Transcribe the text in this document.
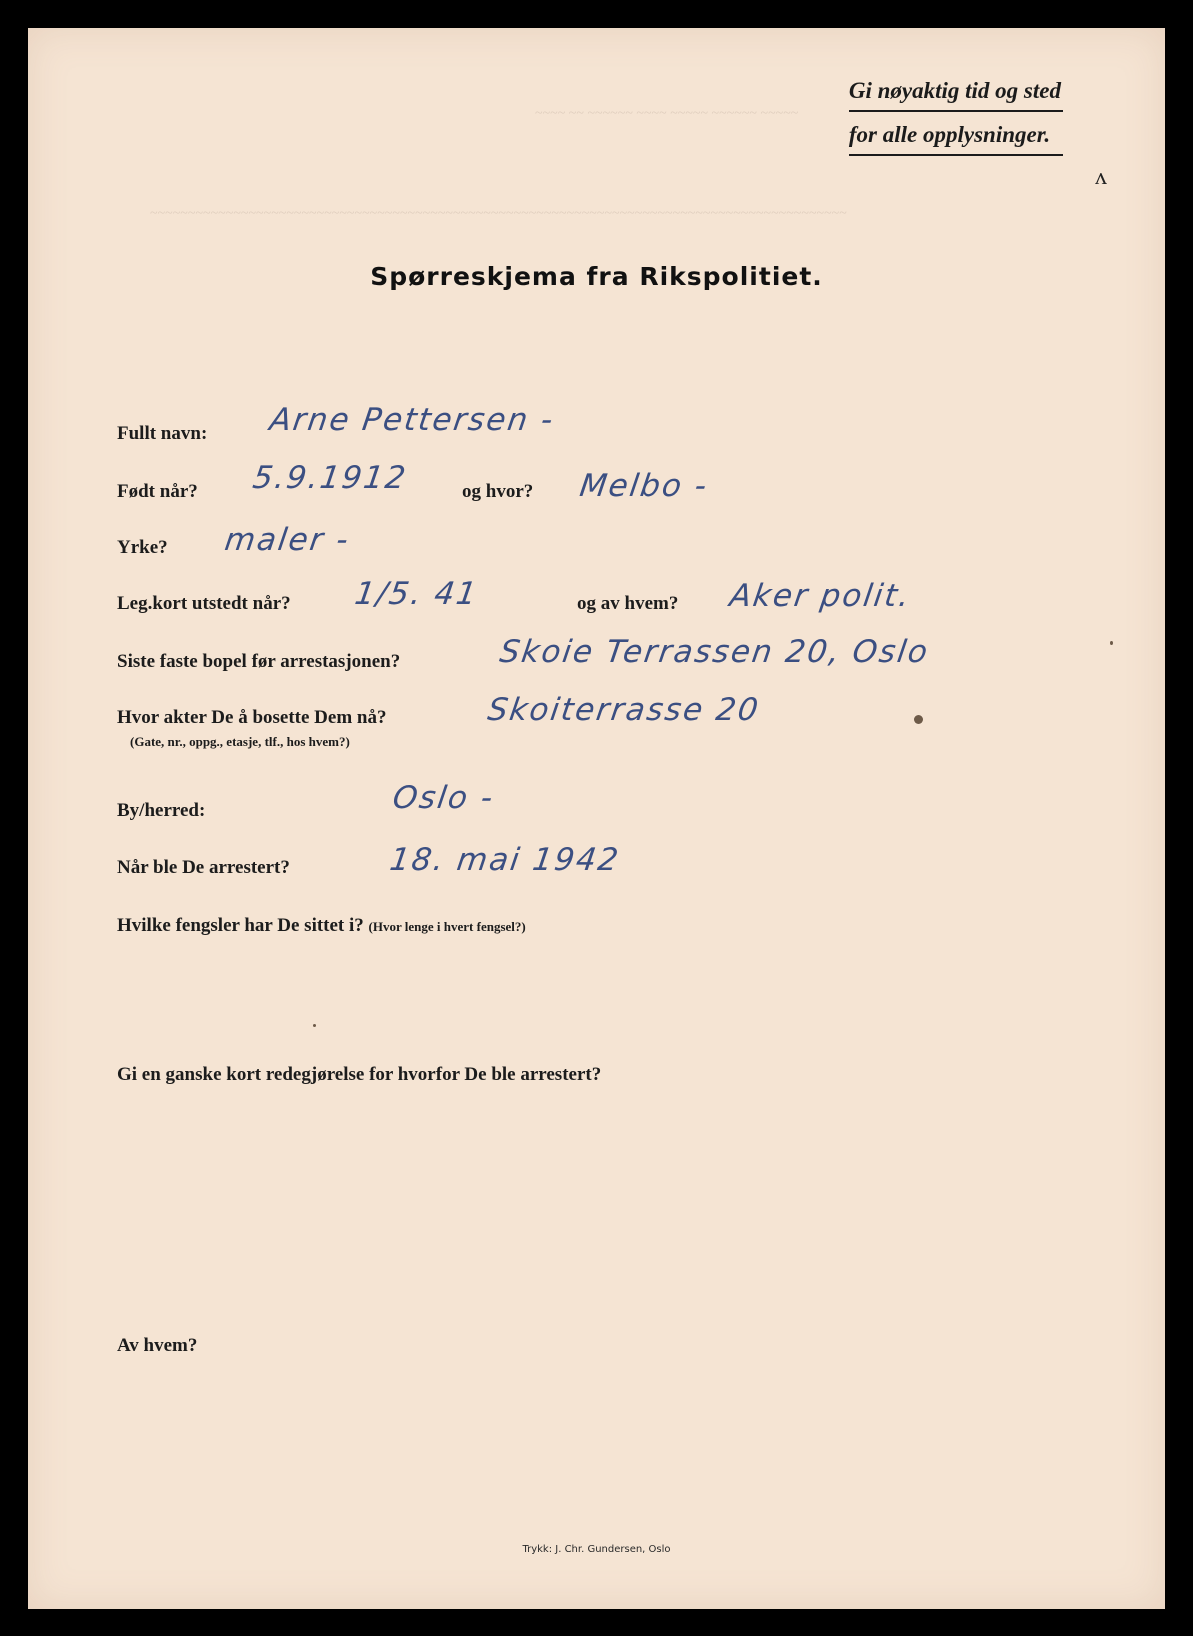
~~~~ ~~ ~~~~~~ ~~~~ ~~~~~ ~~~~~~ ~~~~~
~~~~~~~~~~~~~~~~~~~~~~~~~~~~~~~~~~~~~~~~~~~~~~~~~~~~~~~~~~~~~~~~~~~~~~~~~~~~~~~~~~~~~~~~~~~~
Gi nøyaktig tid og sted
for alle opplysninger.
ʌ
Spørreskjema fra Rikspolitiet.
Fullt navn: Arne Pettersen -
Født når? 5.9.1912	og hvor? Melbo -
Yrke? maler -
Leg.kort utstedt når? 1/5. 41	og av hvem? Aker polit.
Siste faste bopel før arrestasjonen?	Skoie Terrassen 20, Oslo
Hvor akter De å bosette Dem nå?
(Gate, nr., oppg., etasje, tlf., hos hvem?)
Skoiterrasse 20
By/herred:	Oslo -
Når ble De arrestert?	18. mai 1942
Hvilke fengsler har De sittet i? (Hvor lenge i hvert fengsel?)
Gi en ganske kort redegjørelse for hvorfor De ble arrestert?
Av hvem?
Trykk: J. Chr. Gundersen, Oslo
